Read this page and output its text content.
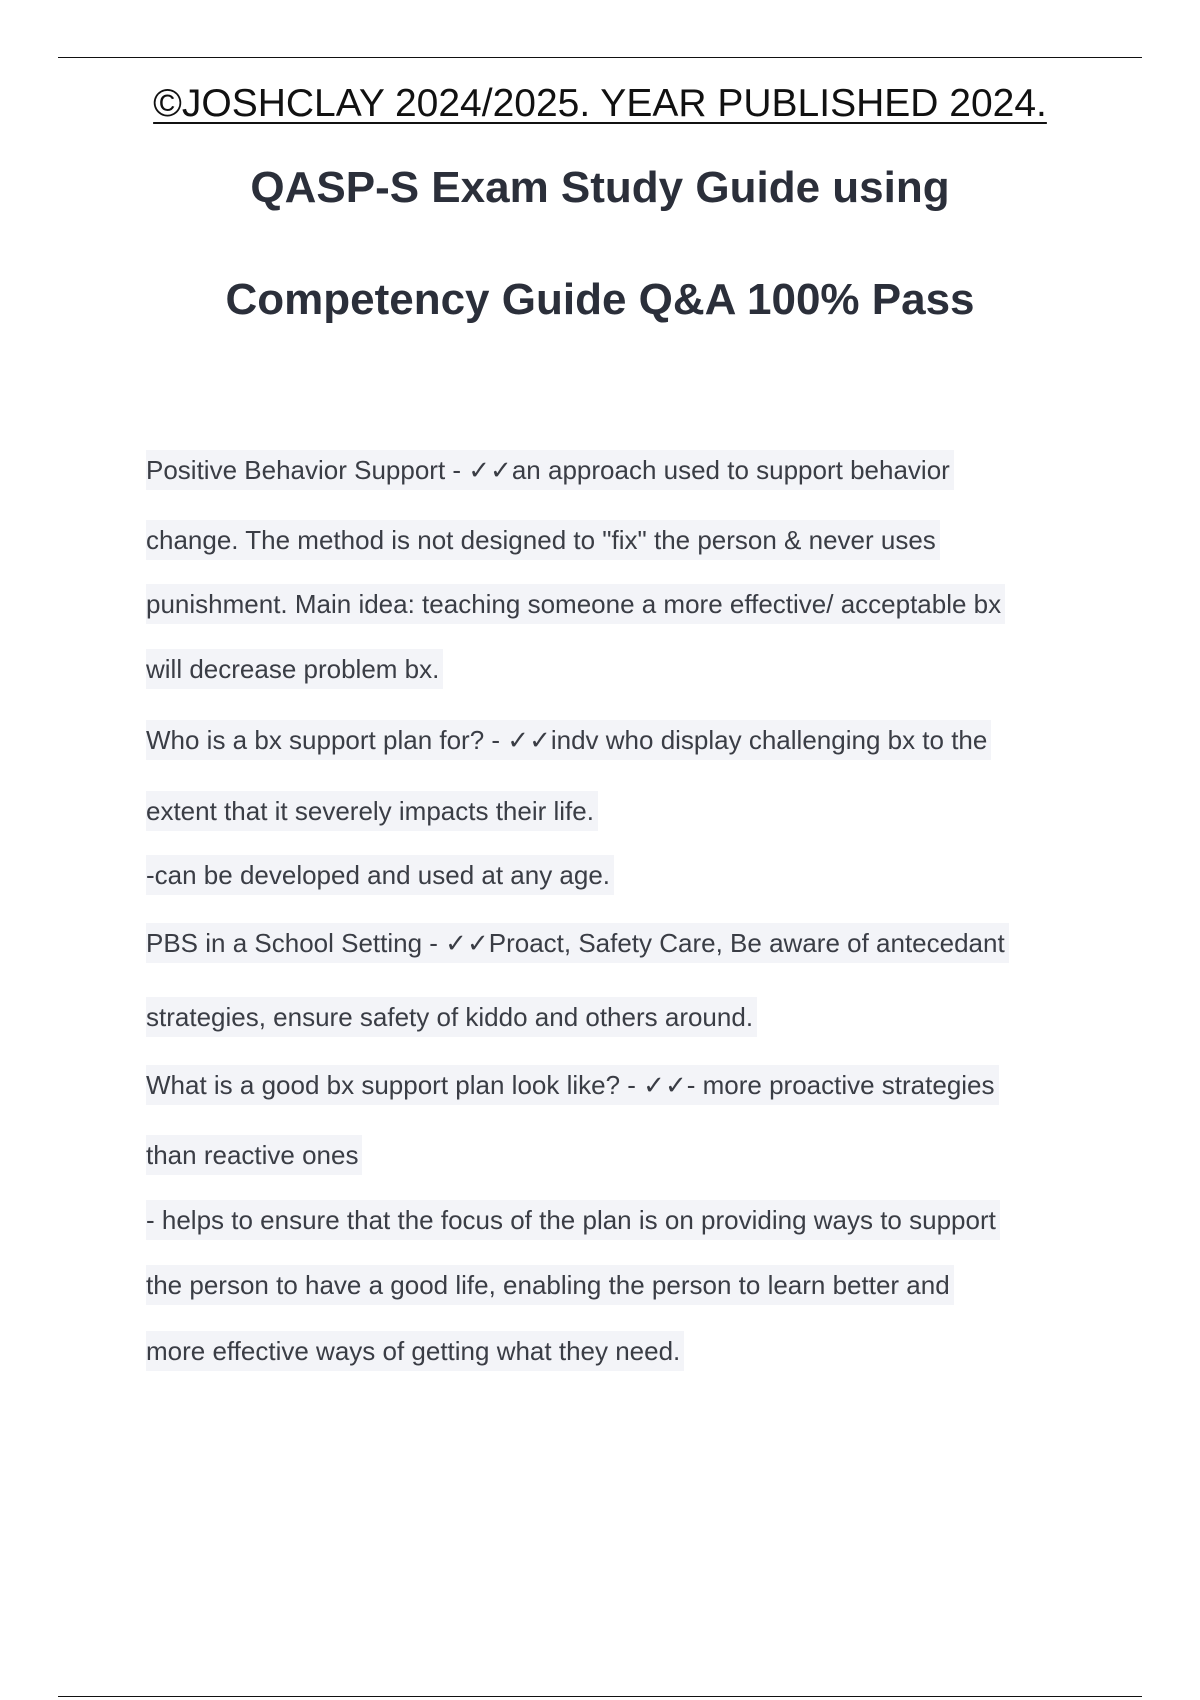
©JOSHCLAY 2024/2025. YEAR PUBLISHED 2024.
QASP-S Exam Study Guide using
Competency Guide Q&A 100% Pass
Positive Behavior Support - ✓✓an approach used to support behavior
change. The method is not designed to "fix" the person & never uses
punishment. Main idea: teaching someone a more effective/ acceptable bx
will decrease problem bx.
Who is a bx support plan for? - ✓✓indv who display challenging bx to the
extent that it severely impacts their life.
-can be developed and used at any age.
PBS in a School Setting - ✓✓Proact, Safety Care, Be aware of antecedant
strategies, ensure safety of kiddo and others around.
What is a good bx support plan look like? - ✓✓- more proactive strategies
than reactive ones
- helps to ensure that the focus of the plan is on providing ways to support
the person to have a good life, enabling the person to learn better and
more effective ways of getting what they need.
